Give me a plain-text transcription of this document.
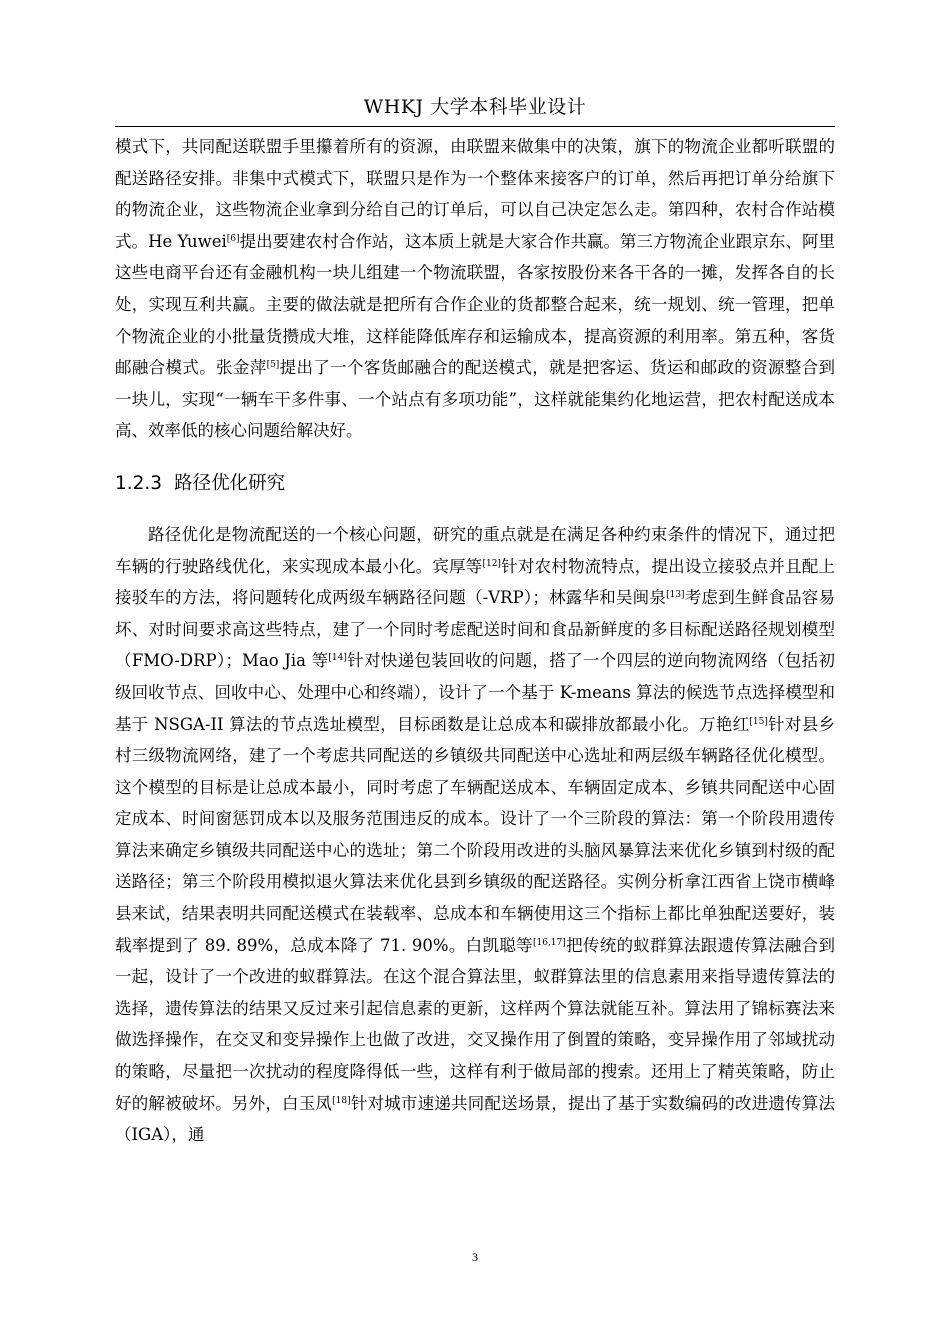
WHKJ 大学本科毕业设计

模式下，共同配送联盟手里攥着所有的资源，由联盟来做集中的决策，旗下的物流企业都听联盟的配送路径安排。非集中式模式下，联盟只是作为一个整体来接客户的订单，然后再把订单分给旗下的物流企业，这些物流企业拿到分给自己的订单后，可以自己决定怎么走。第四种，农村合作站模式。He Yuwei[6]提出要建农村合作站，这本质上就是大家合作共赢。第三方物流企业跟京东、阿里这些电商平台还有金融机构一块儿组建一个物流联盟，各家按股份来各干各的一摊，发挥各自的长处，实现互利共赢。主要的做法就是把所有合作企业的货都整合起来，统一规划、统一管理，把单个物流企业的小批量货攒成大堆，这样能降低库存和运输成本，提高资源的利用率。第五种，客货邮融合模式。张金萍[5]提出了一个客货邮融合的配送模式，就是把客运、货运和邮政的资源整合到一块儿，实现“一辆车干多件事、一个站点有多项功能”，这样就能集约化地运营，把农村配送成本高、效率低的核心问题给解决好。

1.2.3 路径优化研究

路径优化是物流配送的一个核心问题，研究的重点就是在满足各种约束条件的情况下，通过把车辆的行驶路线优化，来实现成本最小化。宾厚等[12]针对农村物流特点，提出设立接驳点并且配上接驳车的方法，将问题转化成两级车辆路径问题（-VRP）；林露华和吴闽泉[13]考虑到生鲜食品容易坏、对时间要求高这些特点，建了一个同时考虑配送时间和食品新鲜度的多目标配送路径规划模型（FMO-DRP）；Mao Jia 等[14]针对快递包装回收的问题，搭了一个四层的逆向物流网络（包括初级回收节点、回收中心、处理中心和终端），设计了一个基于 K-means 算法的候选节点选择模型和基于 NSGA-II 算法的节点选址模型，目标函数是让总成本和碳排放都最小化。万艳红[15]针对县乡村三级物流网络，建了一个考虑共同配送的乡镇级共同配送中心选址和两层级车辆路径优化模型。这个模型的目标是让总成本最小，同时考虑了车辆配送成本、车辆固定成本、乡镇共同配送中心固定成本、时间窗惩罚成本以及服务范围违反的成本。设计了一个三阶段的算法：第一个阶段用遗传算法来确定乡镇级共同配送中心的选址；第二个阶段用改进的头脑风暴算法来优化乡镇到村级的配送路径；第三个阶段用模拟退火算法来优化县到乡镇级的配送路径。实例分析拿江西省上饶市横峰县来试，结果表明共同配送模式在装载率、总成本和车辆使用这三个指标上都比单独配送要好，装载率提到了 89. 89%，总成本降了 71. 90%。白凯聪等[16,17]把传统的蚁群算法跟遗传算法融合到一起，设计了一个改进的蚁群算法。在这个混合算法里，蚁群算法里的信息素用来指导遗传算法的选择，遗传算法的结果又反过来引起信息素的更新，这样两个算法就能互补。算法用了锦标赛法来做选择操作，在交叉和变异操作上也做了改进，交叉操作用了倒置的策略，变异操作用了邻域扰动的策略，尽量把一次扰动的程度降得低一些，这样有利于做局部的搜索。还用上了精英策略，防止好的解被破坏。另外，白玉凤[18]针对城市速递共同配送场景，提出了基于实数编码的改进遗传算法（IGA），通

3
